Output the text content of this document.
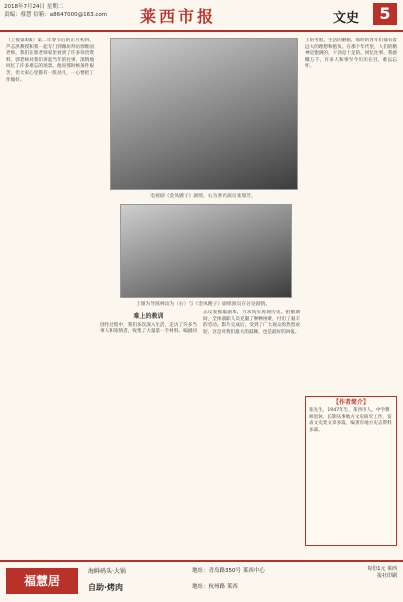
2018年7月24日 星期二
责编：蔡慧 信箱：a8647000@163.com 莱西市报	文史	5
（上接第4版）第二年春节后的正月初四，芦志洪教授和我一起专门到潍坊拜访郭维国老师。我们在郭老师家里看到了许多珍贵资料，郭老师对我们讲起当年的往事，深情地回忆了许多难忘的场景。他说那时候条件艰苦，但大家心里都有一股劲儿，一心要把工作做好。
电视剧《金凤嫂子》剧照，右为著名演员张瑞芳。
上图为导演林汝为（右）与《金凤嫂子》剧组演员在讨论剧情。
难上的教训
创作过程中，我们多次深入生活，走访了许多当事人和知情者，收集了大量第一手材料。编剧同志反复推敲剧本，力求真实再现历史。拍摄期间，全体演职人员克服了种种困难，付出了艰辛的劳动。影片完成后，受到了广大观众的热烈欢迎，这是对我们最大的鼓舞，也是最好的回报。
上的考验。生活的磨砺，那时的青年们都有着远大的理想和抱负。在那个年代里，人们的精神是饱满的，干劲是十足的。回忆往事，我感慨万千，许多人和事至今历历在目，难以忘怀。
【作者简介】
张先生，1947年生，莱西市人。中学教师退休，长期从事地方文史研究工作，发表文史类文章多篇，编著有地方史志资料多部。
福慧居
海鲜码头·大锅
自助·烤肉
地址：青岛路350号 莱西中心
地址：杭州路 莱西
每份1元 莱西报社印刷
